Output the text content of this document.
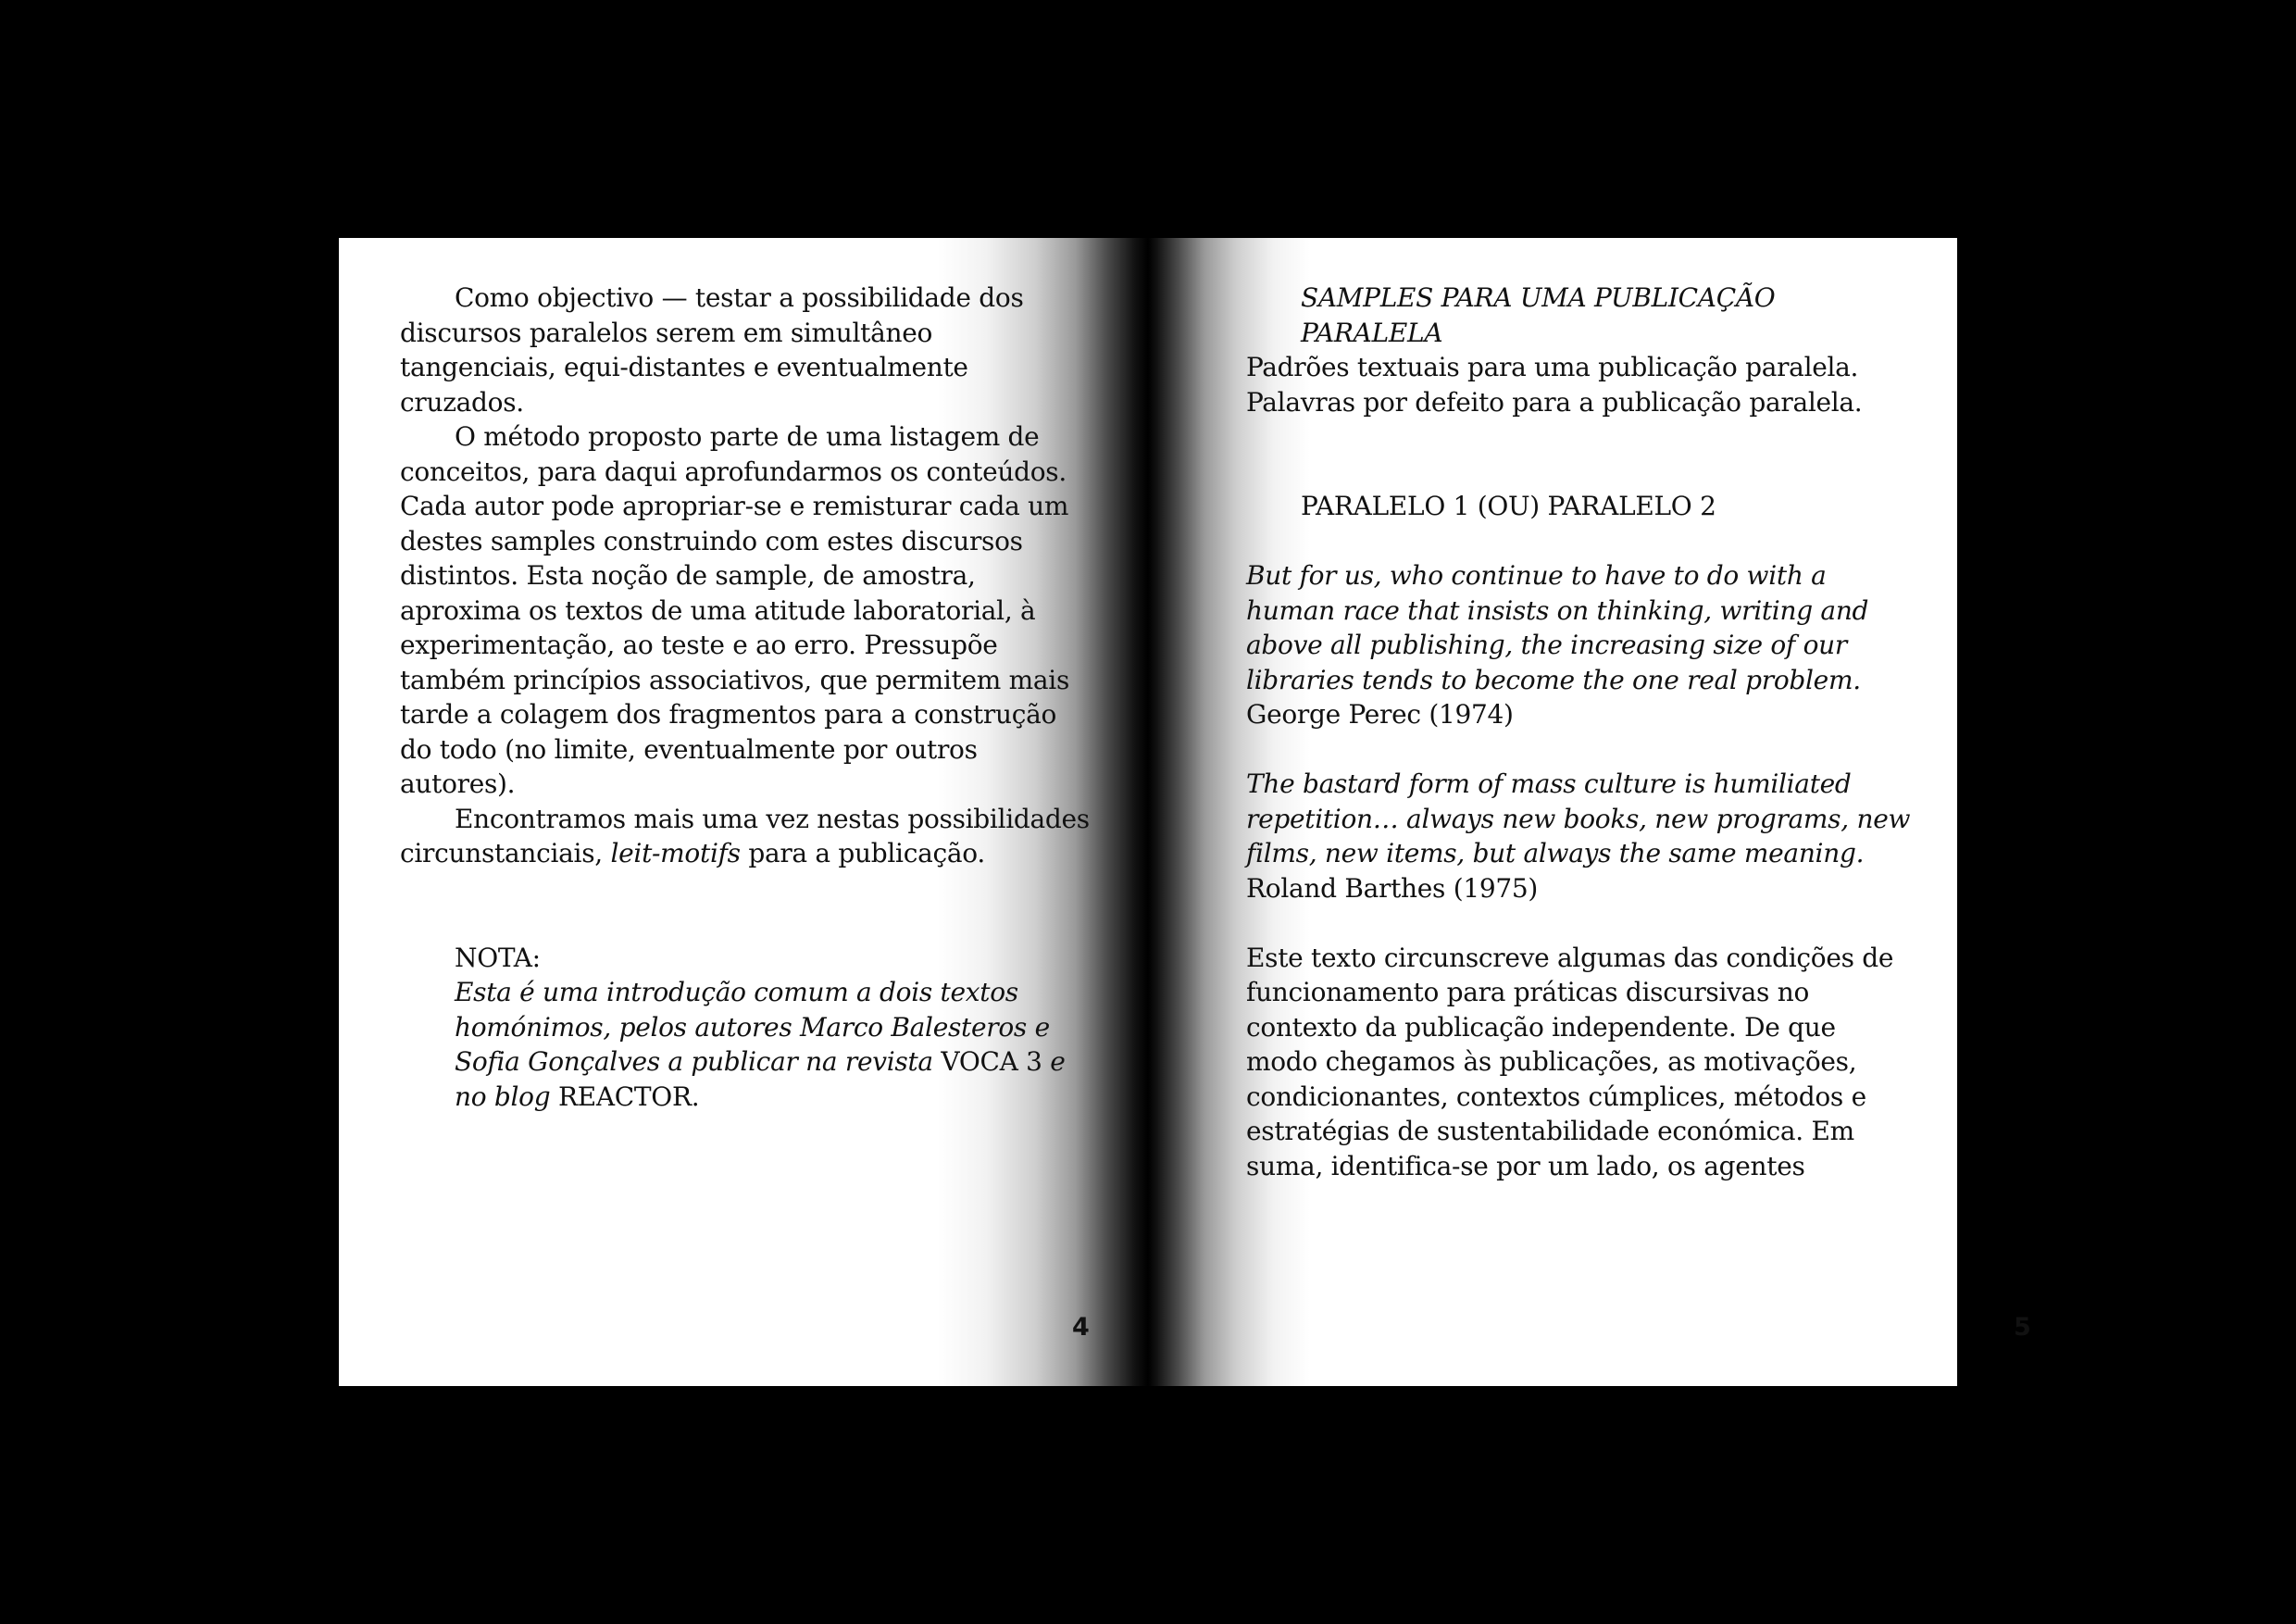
Como objectivo — testar a possibilidade dos discursos paralelos serem em simultâneo tangenciais, equi-distantes e eventualmente cruzados.

O método proposto parte de uma listagem de conceitos, para daqui aprofundarmos os conteúdos. Cada autor pode apropriar-se e remisturar cada um destes samples construindo com estes discursos distintos. Esta noção de sample, de amostra, aproxima os textos de uma atitude laboratorial, à experimentação, ao teste e ao erro. Pressupõe também princípios associativos, que permitem mais tarde a colagem dos fragmentos para a construção do todo (no limite, eventualmente por outros autores).

Encontramos mais uma vez nestas possibilidades circunstanciais, leit-motifs para a publicação.

NOTA:

Esta é uma introdução comum a dois textos homónimos, pelos autores Marco Balesteros e Sofia Gonçalves a publicar na revista VOCA 3 e no blog REACTOR.

4

SAMPLES PARA UMA PUBLICAÇÃO

PARALELA

Padrões textuais para uma publicação paralela.

Palavras por defeito para a publicação paralela.

PARALELO 1 (OU) PARALELO 2

But for us, who continue to have to do with a human race that insists on thinking, writing and above all publishing, the increasing size of our libraries tends to become the one real problem.

George Perec (1974)

The bastard form of mass culture is humiliated repetition… always new books, new programs, new films, new items, but always the same meaning.

Roland Barthes (1975)

Este texto circunscreve algumas das condições de funcionamento para práticas discursivas no contexto da publicação independente. De que modo chegamos às publicações, as motivações, condicionantes, contextos cúmplices, métodos e estratégias de sustentabilidade económica. Em suma, identifica-se por um lado, os agentes

5
